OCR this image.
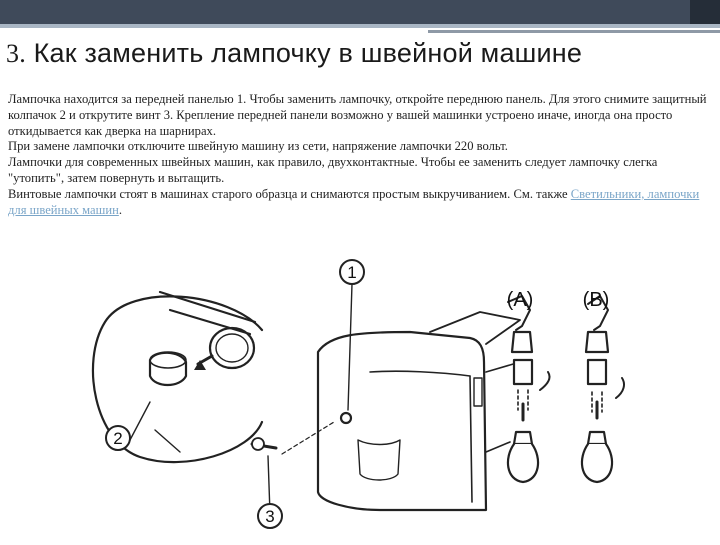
3. Как заменить лампочку в швейной машине

Лампочка находится за передней панелью 1. Чтобы заменить лампочку, откройте переднюю панель. Для этого снимите защитный колпачок 2 и открутите винт 3. Крепление передней панели возможно у вашей машинки устроено иначе, иногда она просто откидывается как дверка на шарнирах.

При замене лампочки отключите швейную машину из сети, напряжение лампочки 220 вольт.

Лампочки для современных швейных машин, как правило, двухконтактные. Чтобы ее заменить следует лампочку слегка "утопить", затем повернуть и вытащить.

Винтовые лампочки стоят в машинах старого образца и снимаются простым выкручиванием. См. также Светильники, лампочки для швейных машин.

1
2
3
(A) (B)
